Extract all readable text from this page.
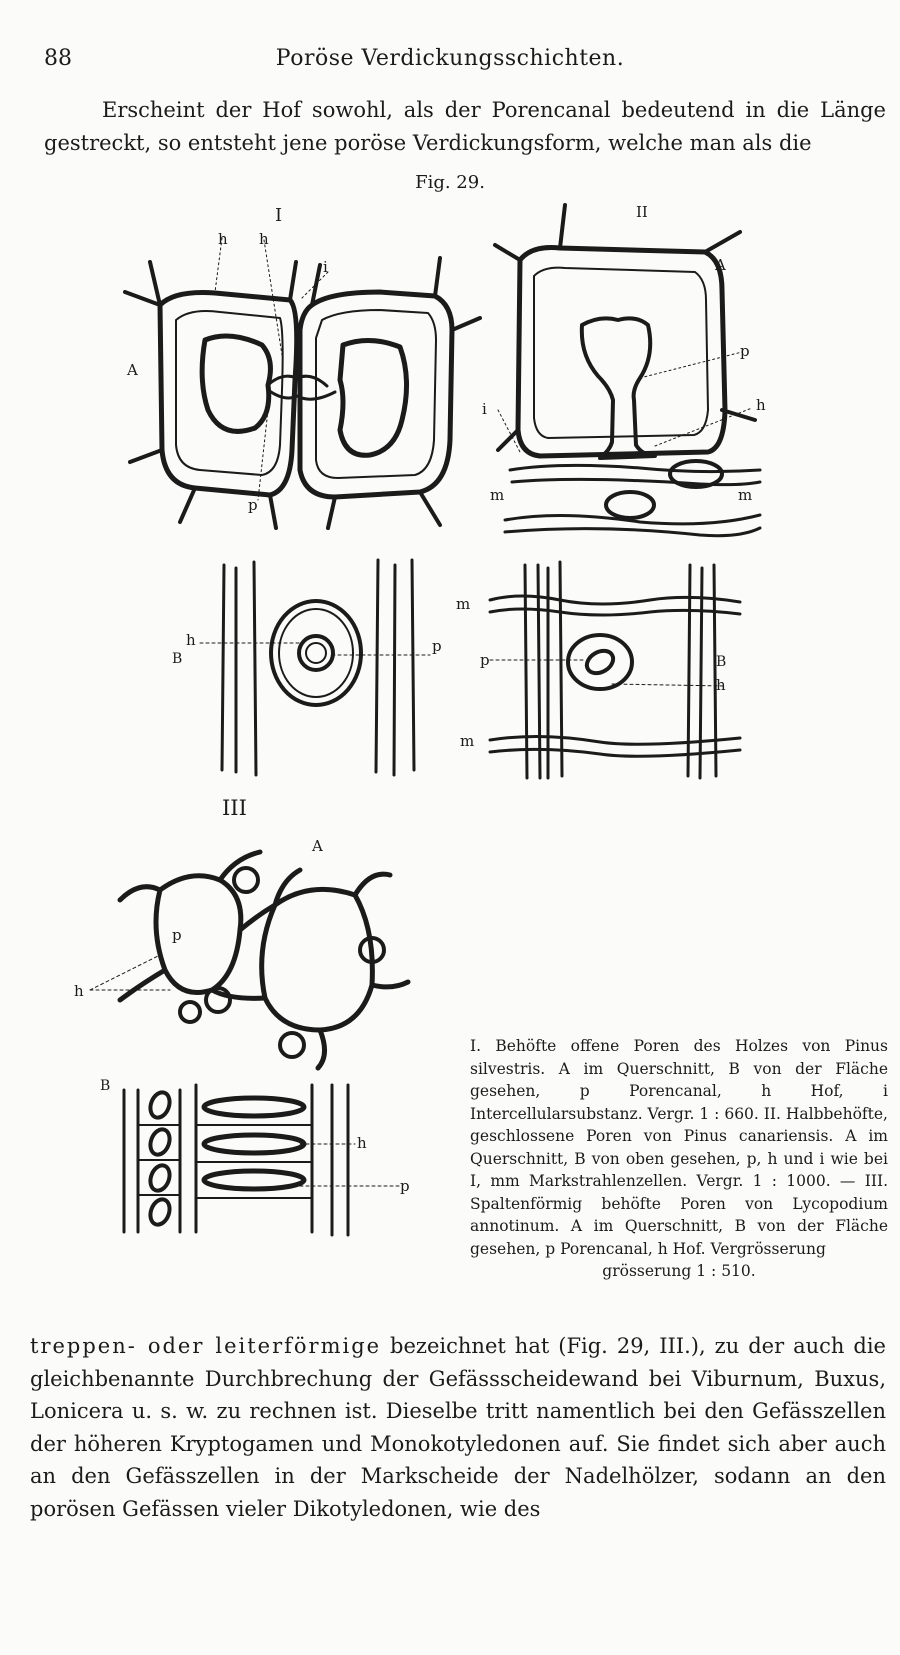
88	Poröse Verdickungsschichten.
Erscheint der Hof sowohl, als der Porencanal bedeutend in die Länge gestreckt, so entsteht jene poröse Verdickungsform, welche man als die
Fig. 29.
I	II
III
h h
i
A
p
A
p
h
i
m	m
h
B
p
m
p	B
h
m
A
p
h
B
h
p
I. Behöfte offene Poren des Holzes von Pinus silvestris. A im Querschnitt, B von der Fläche gesehen, p Porencanal, h Hof, i Intercellularsubstanz. Vergr. 1 : 660. II. Halbbehöfte, geschlossene Poren von Pinus canariensis. A im Querschnitt, B von oben gesehen, p, h und i wie bei I, mm Markstrahlenzellen. Vergr. 1 : 1000. — III. Spaltenförmig behöfte Poren von Lycopodium annotinum. A im Querschnitt, B von der Fläche gesehen, p Porencanal, h Hof. Vergrösserung
grösserung 1 : 510.
treppen- oder leiterförmige bezeichnet hat (Fig. 29, III.), zu der auch die gleichbenannte Durchbrechung der Gefässscheidewand bei Viburnum, Buxus, Lonicera u. s. w. zu rechnen ist. Dieselbe tritt namentlich bei den Gefässzellen der höheren Kryptogamen und Monokotyledonen auf. Sie findet sich aber auch an den Gefässzellen in der Markscheide der Nadelhölzer, sodann an den porösen Gefässen vieler Dikotyledonen, wie des
